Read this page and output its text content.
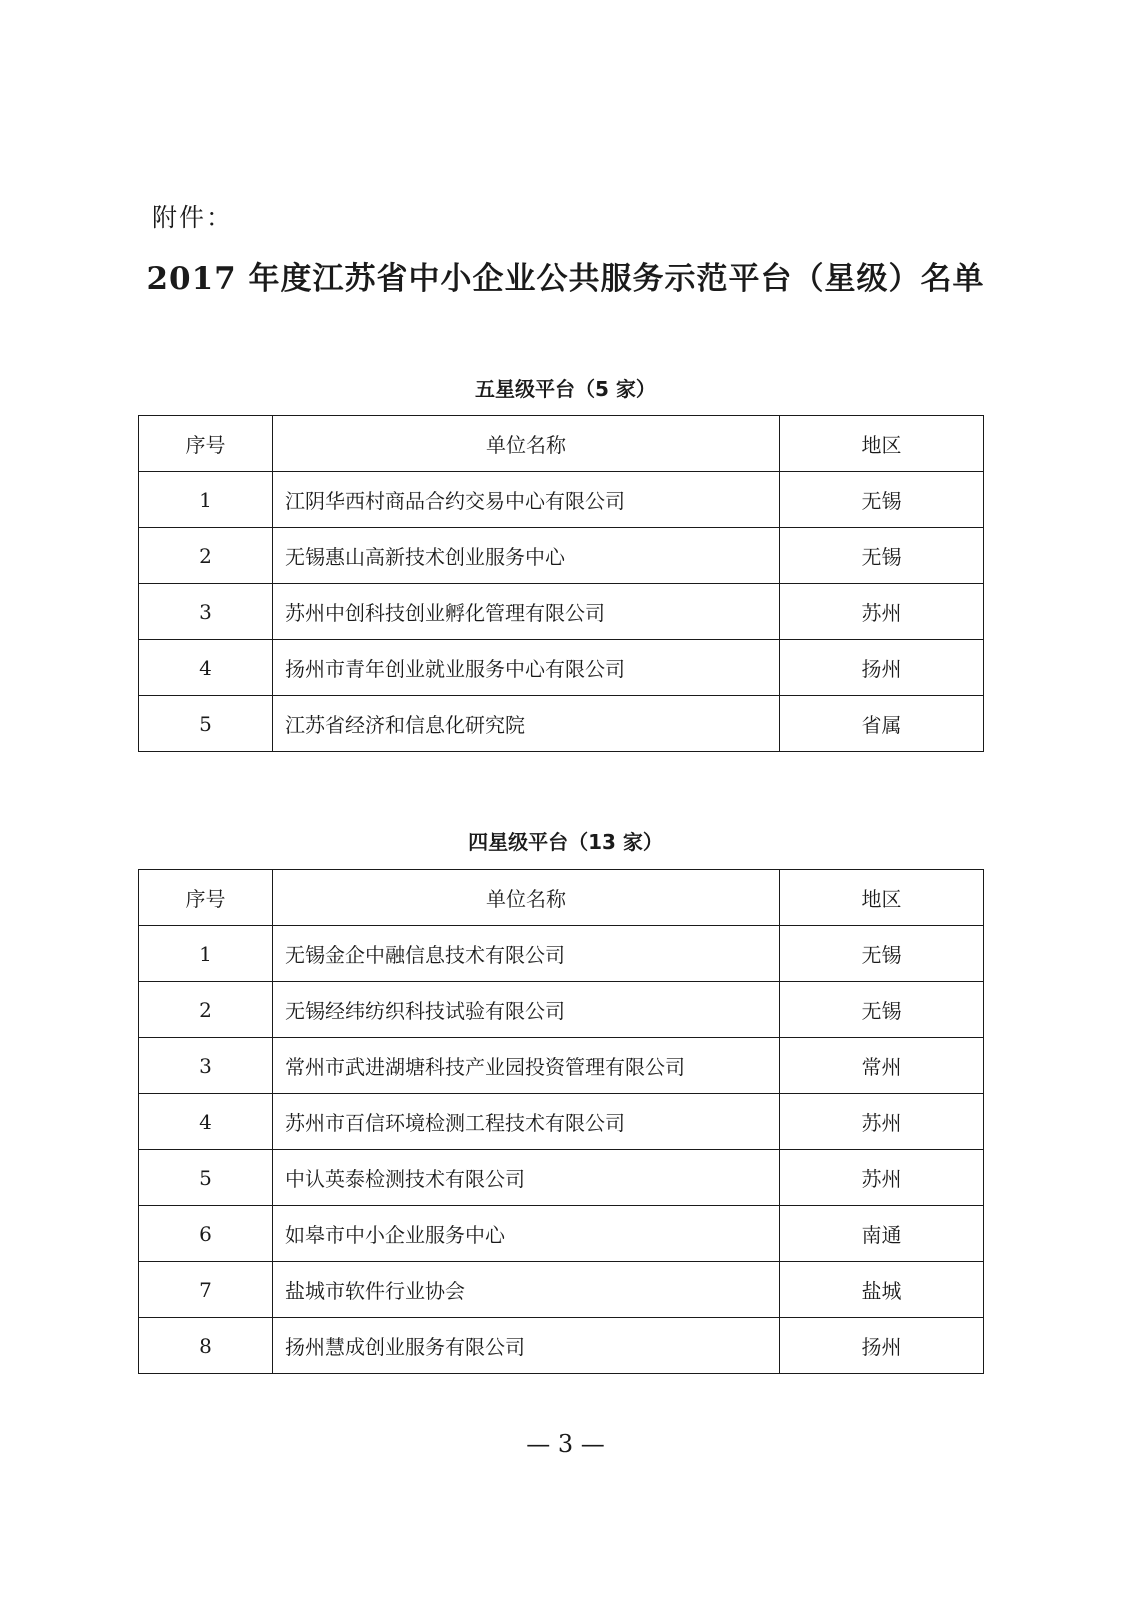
附件：
2017 年度江苏省中小企业公共服务示范平台（星级）名单
五星级平台（5 家）
序号	单位名称	地区
1	江阴华西村商品合约交易中心有限公司	无锡
2	无锡惠山高新技术创业服务中心	无锡
3	苏州中创科技创业孵化管理有限公司	苏州
4	扬州市青年创业就业服务中心有限公司	扬州
5	江苏省经济和信息化研究院	省属
四星级平台（13 家）
序号	单位名称	地区
1	无锡金企中融信息技术有限公司	无锡
2	无锡经纬纺织科技试验有限公司	无锡
3	常州市武进湖塘科技产业园投资管理有限公司	常州
4	苏州市百信环境检测工程技术有限公司	苏州
5	中认英泰检测技术有限公司	苏州
6	如皋市中小企业服务中心	南通
7	盐城市软件行业协会	盐城
8	扬州慧成创业服务有限公司	扬州
— 3 —
